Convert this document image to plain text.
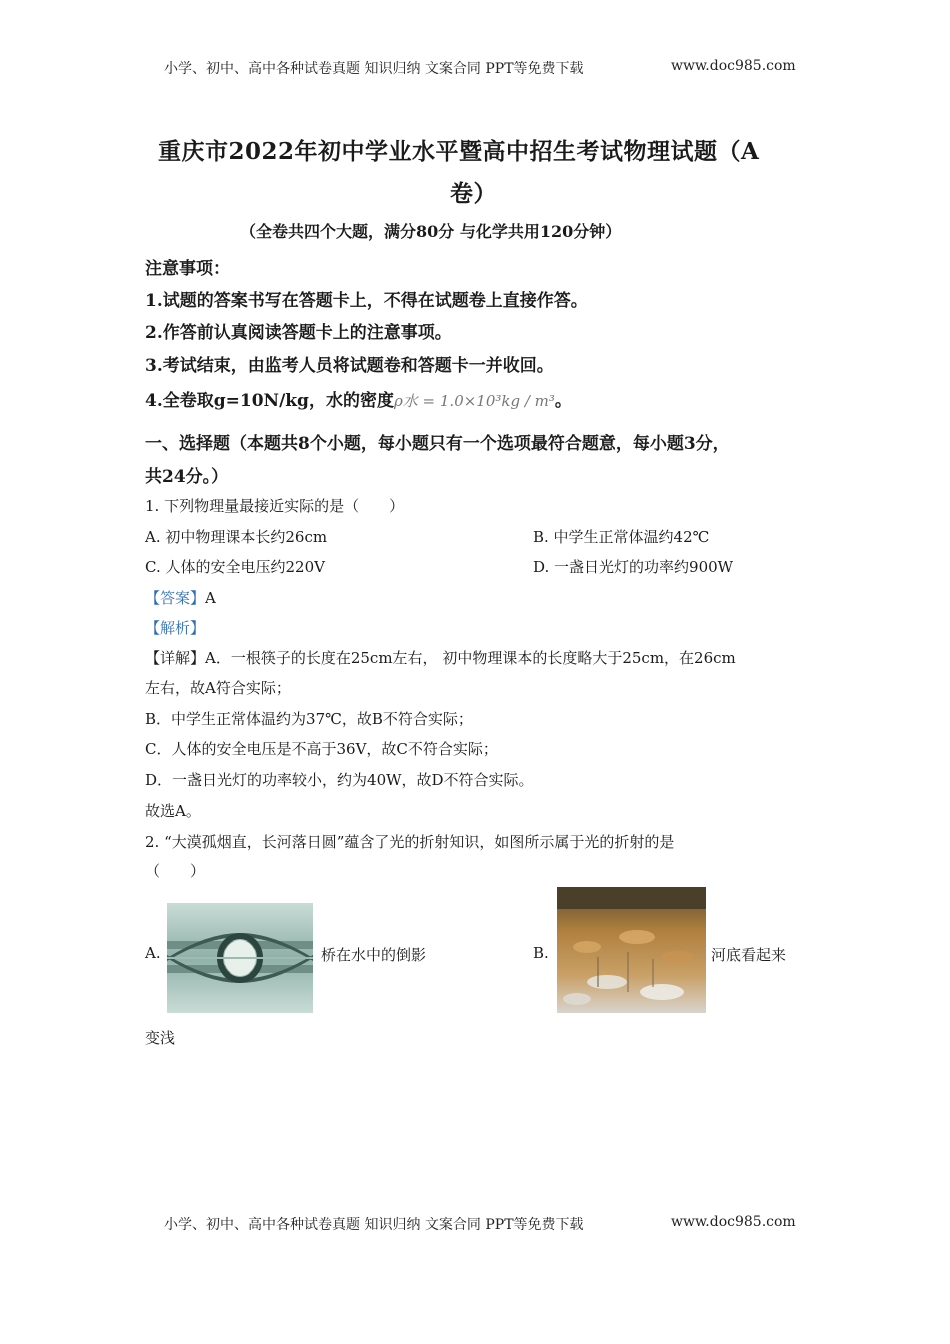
小学、初中、高中各种试卷真题 知识归纳 文案合同 PPT等免费下载	www.doc985.com
重庆市2022年初中学业水平暨高中招生考试物理试题（A
卷）
（全卷共四个大题，满分80分 与化学共用120分钟）
注意事项：
1.试题的答案书写在答题卡上，不得在试题卷上直接作答。
2.作答前认真阅读答题卡上的注意事项。
3.考试结束，由监考人员将试题卷和答题卡一并收回。
4.全卷取g=10N/kg，水的密度ρ水 = 1.0×10³kg / m³。
一、选择题（本题共8个小题，每小题只有一个选项最符合题意，每小题3分，
共24分。）
1. 下列物理量最接近实际的是（　　）
A. 初中物理课本长约26cm	B. 中学生正常体温约42℃
C. 人体的安全电压约220V	D. 一盏日光灯的功率约900W
【答案】A
【解析】
【详解】A．一根筷子的长度在25cm左右， 初中物理课本的长度略大于25cm，在26cm
左右，故A符合实际；
B．中学生正常体温约为37℃，故B不符合实际；
C．人体的安全电压是不高于36V，故C不符合实际；
D．一盏日光灯的功率较小，约为40W，故D不符合实际。
故选A。
2. “大漠孤烟直，长河落日圆”蕴含了光的折射知识，如图所示属于光的折射的是
（　　）
A.	桥在水中的倒影	B.	河底看起来
变浅
小学、初中、高中各种试卷真题 知识归纳 文案合同 PPT等免费下载	www.doc985.com
